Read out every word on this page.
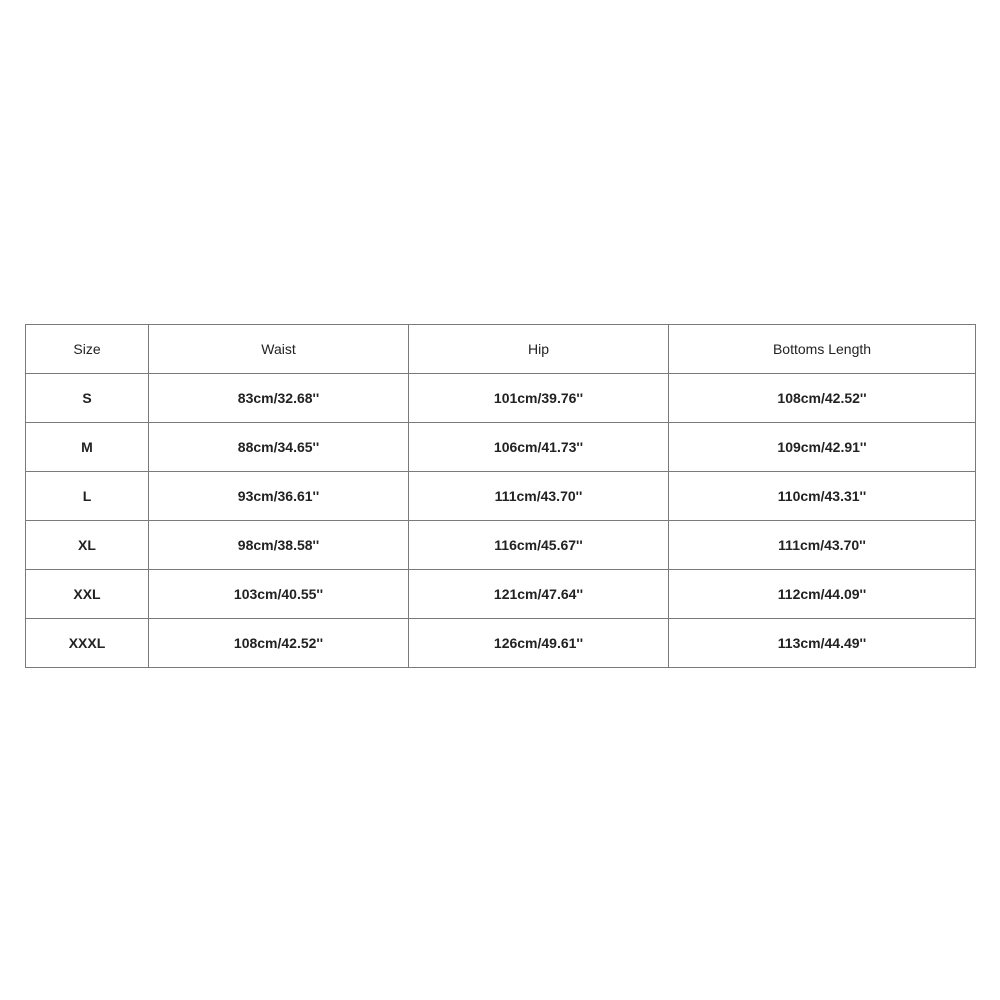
Size	Waist	Hip	Bottoms Length
S	83cm/32.68''	101cm/39.76''	108cm/42.52''
M	88cm/34.65''	106cm/41.73''	109cm/42.91''
L	93cm/36.61''	111cm/43.70''	110cm/43.31''
XL	98cm/38.58''	116cm/45.67''	111cm/43.70''
XXL	103cm/40.55''	121cm/47.64''	112cm/44.09''
XXXL	108cm/42.52''	126cm/49.61''	113cm/44.49''
